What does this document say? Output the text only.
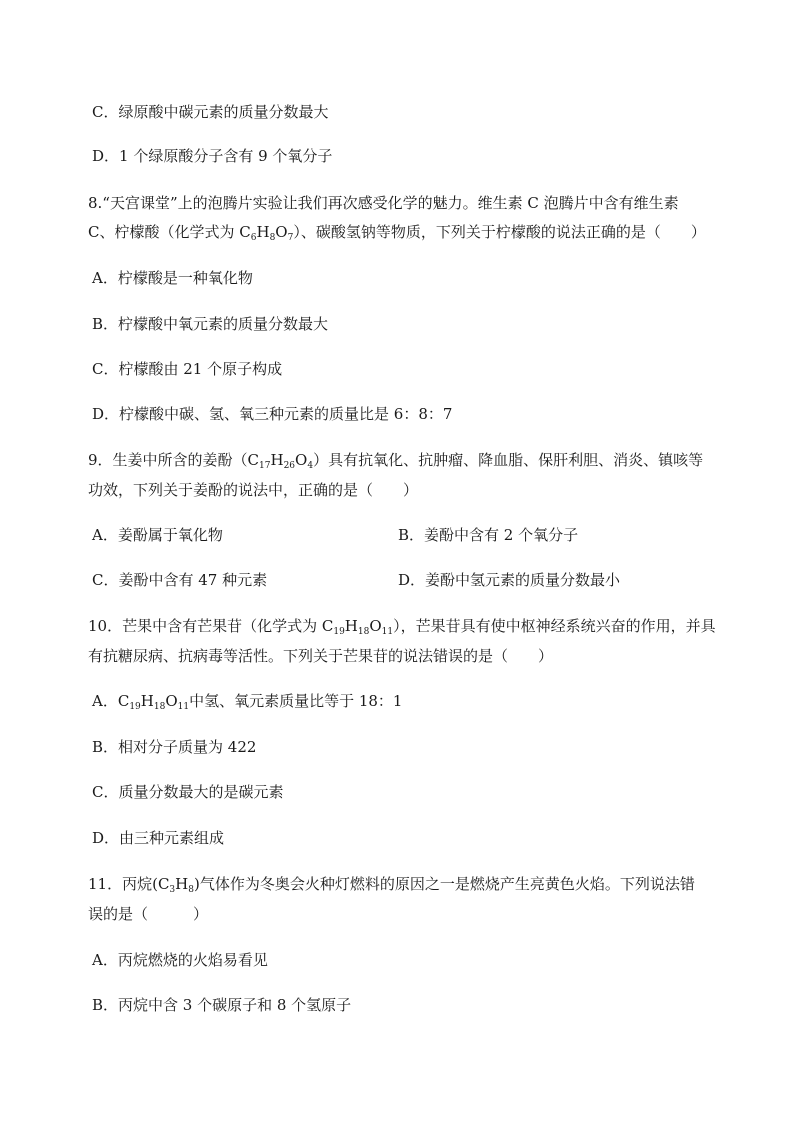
C．绿原酸中碳元素的质量分数最大
D．1 个绿原酸分子含有 9 个氧分子
8.“天宫课堂”上的泡腾片实验让我们再次感受化学的魅力。维生素 C 泡腾片中含有维生素
C、柠檬酸（化学式为 $C_6H_8O_7$）、碳酸氢钠等物质，下列关于柠檬酸的说法正确的是（　　）
A．柠檬酸是一种氧化物
B．柠檬酸中氧元素的质量分数最大
C．柠檬酸由 21 个原子构成
D．柠檬酸中碳、氢、氧三种元素的质量比是 6：8：7
9．生姜中所含的姜酚$(C_{17}H_{26}O_4)$具有抗氧化、抗肿瘤、降血脂、保肝利胆、消炎、镇咳等
功效，下列关于姜酚的说法中，正确的是（　　）
A．姜酚属于氧化物	B．姜酚中含有 2 个氧分子
C．姜酚中含有 47 种元素	D．姜酚中氢元素的质量分数最小
10．芒果中含有芒果苷（化学式为 $C_{19}H_{18}O_{11}$），芒果苷具有使中枢神经系统兴奋的作用，并具
有抗糖尿病、抗病毒等活性。下列关于芒果苷的说法错误的是（　　）
A．$C_{19}H_{18}O_{11}$中氢、氧元素质量比等于 18：1
B．相对分子质量为 422
C．质量分数最大的是碳元素
D．由三种元素组成
11．丙烷$(C_3H_8)$气体作为冬奥会火种灯燃料的原因之一是燃烧产生亮黄色火焰。下列说法错
误的是（　　　）
A．丙烷燃烧的火焰易看见
B．丙烷中含 3 个碳原子和 8 个氢原子
